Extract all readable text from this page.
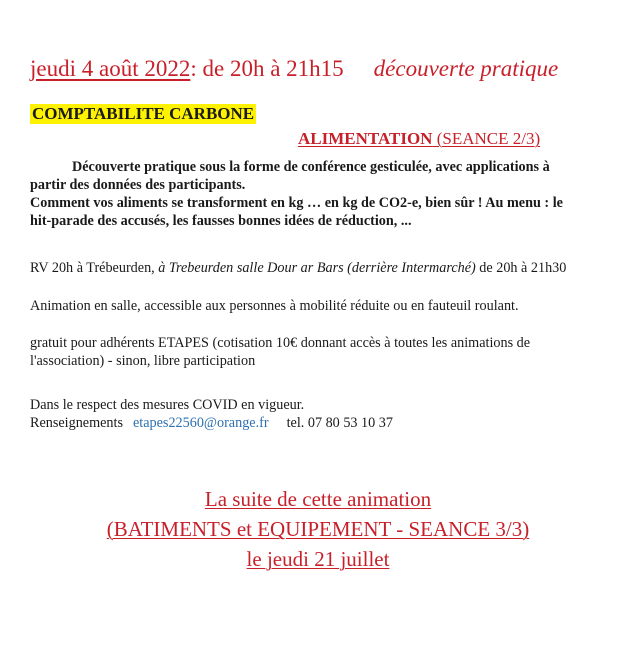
jeudi 4 août 2022: de 20h à 21h15 découverte pratique
COMPTABILITE CARBONE
ALIMENTATION (SEANCE 2/3)
Découverte pratique sous la forme de conférence gesticulée, avec applications à
partir des données des participants.
Comment vos aliments se transforment en kg … en kg de CO2-e, bien sûr ! Au menu : le
hit-parade des accusés, les fausses bonnes idées de réduction, ...
RV 20h à Trébeurden, à Trebeurden salle Dour ar Bars (derrière Intermarché) de 20h à 21h30
Animation en salle, accessible aux personnes à mobilité réduite ou en fauteuil roulant.
gratuit pour adhérents ETAPES (cotisation 10€ donnant accès à toutes les animations de
l'association) - sinon, libre participation
Dans le respect des mesures COVID en vigueur.
Renseignements etapes22560@orange.fr tel. 07 80 53 10 37
La suite de cette animation
(BATIMENTS et EQUIPEMENT - SEANCE 3/3)
le jeudi 21 juillet
